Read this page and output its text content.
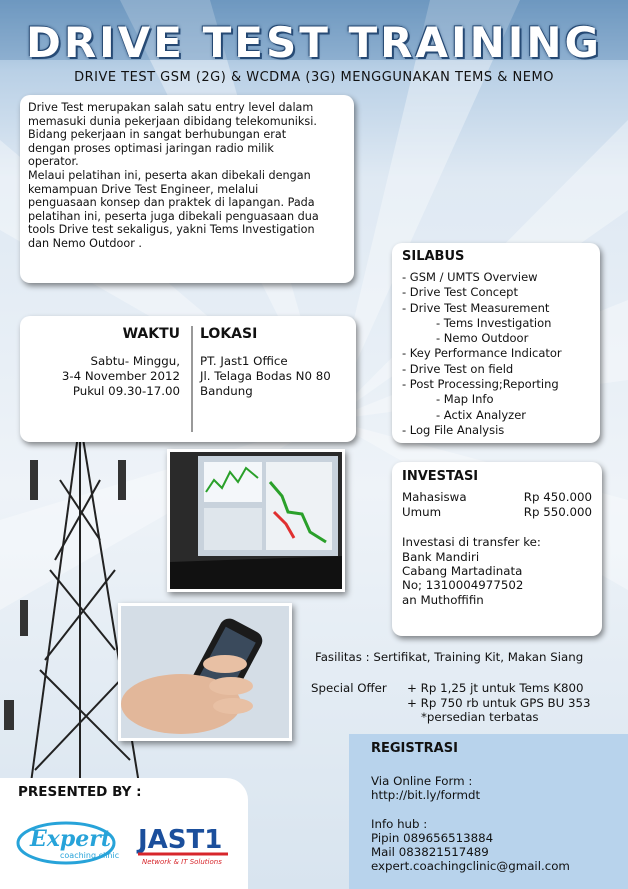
DRIVE TEST TRAINING
DRIVE TEST GSM (2G) & WCDMA (3G) MENGGUNAKAN TEMS & NEMO

Drive Test merupakan salah satu entry level dalam
memasuki dunia pekerjaan dibidang telekomuniksi.
Bidang pekerjaan in sangat berhubungan erat
dengan proses optimasi jaringan radio milik
operator.
Melaui pelatihan ini, peserta akan dibekali dengan
kemampuan Drive Test Engineer, melalui
penguasaan konsep dan praktek di lapangan. Pada
pelatihan ini, peserta juga dibekali penguasaan dua
tools Drive test sekaligus, yakni Tems Investigation
dan Nemo Outdoor .

SILABUS
- GSM / UMTS Overview
- Drive Test Concept
- Drive Test Measurement
- Tems Investigation
- Nemo Outdoor
- Key Performance Indicator
- Drive Test on field
- Post Processing;Reporting
- Map Info
- Actix Analyzer
- Log File Analysis
WAKTU
Sabtu- Minggu,
3-4 November 2012
Pukul 09.30-17.00
LOKASI
PT. Jast1 Office
Jl. Telaga Bodas N0 80
Bandung
INVESTASI
Mahasiswa	Rp 450.000
Umum	Rp 550.000
Investasi di transfer ke:
Bank Mandiri
Cabang Martadinata
No; 1310004977502
an Muthoffifin
Fasilitas : Sertifikat, Training Kit, Makan Siang
Special Offer	+ Rp 1,25 jt untuk Tems K800
+ Rp 750 rb untuk GPS BU 353
*persedian terbatas
REGISTRASI
Via Online Form :
http://bit.ly/formdt
Info hub :
Pipin 089656513884
Mail 083821517489
expert.coachingclinic@gmail.com
PRESENTED BY :
Expert
coaching clinic
JAST1
Network & IT Solutions
